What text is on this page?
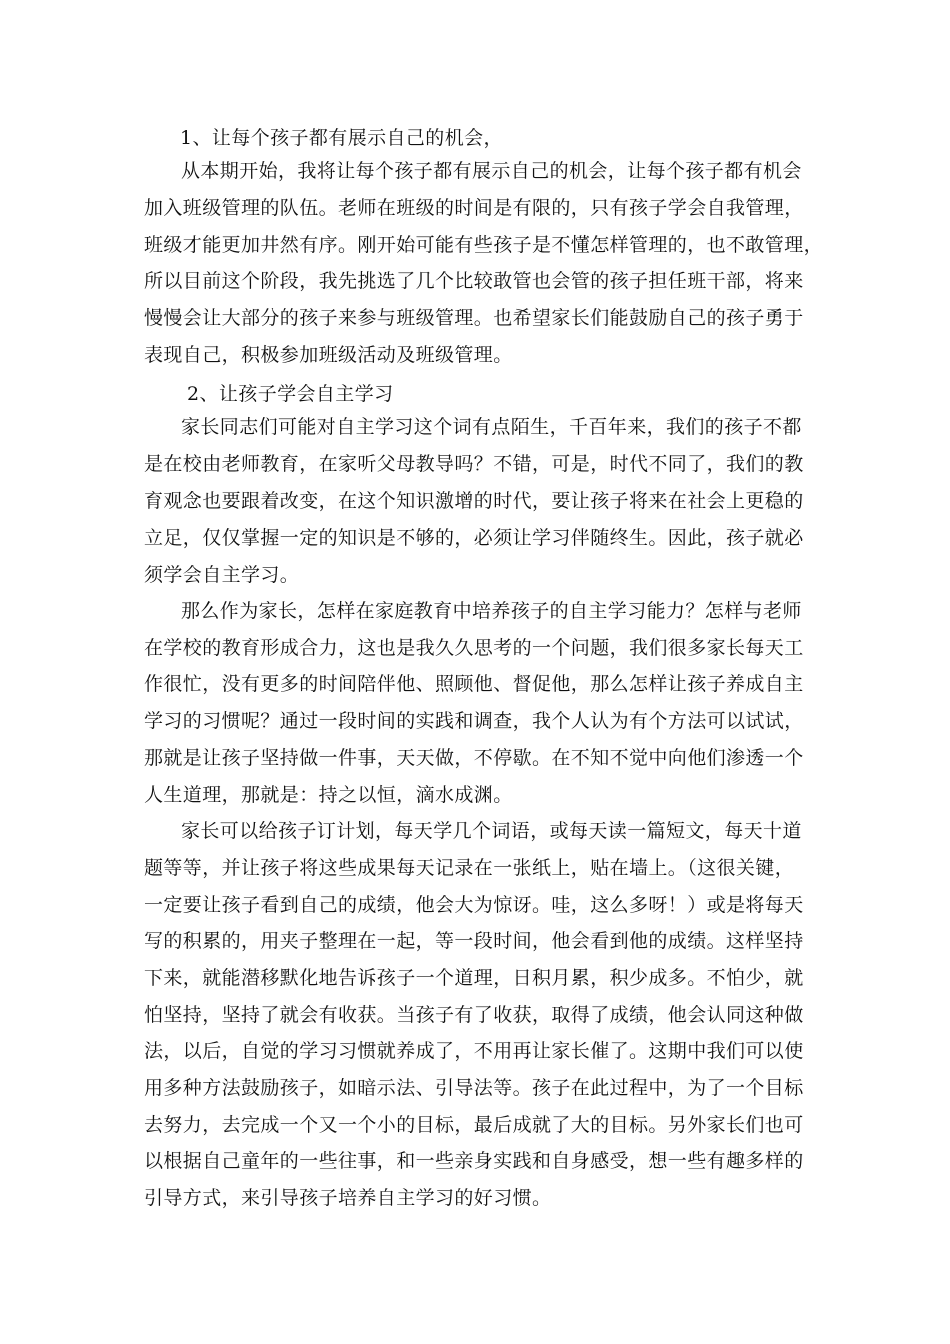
1、让每个孩子都有展示自己的机会，
从本期开始，我将让每个孩子都有展示自己的机会，让每个孩子都有机会
加入班级管理的队伍。老师在班级的时间是有限的，只有孩子学会自我管理，
班级才能更加井然有序。刚开始可能有些孩子是不懂怎样管理的，也不敢管理，
所以目前这个阶段，我先挑选了几个比较敢管也会管的孩子担任班干部，将来
慢慢会让大部分的孩子来参与班级管理。也希望家长们能鼓励自己的孩子勇于
表现自己，积极参加班级活动及班级管理。
2、让孩子学会自主学习
家长同志们可能对自主学习这个词有点陌生，千百年来，我们的孩子不都
是在校由老师教育，在家听父母教导吗？不错，可是，时代不同了，我们的教
育观念也要跟着改变，在这个知识激增的时代，要让孩子将来在社会上更稳的
立足，仅仅掌握一定的知识是不够的，必须让学习伴随终生。因此，孩子就必
须学会自主学习。
那么作为家长，怎样在家庭教育中培养孩子的自主学习能力？怎样与老师
在学校的教育形成合力，这也是我久久思考的一个问题，我们很多家长每天工
作很忙，没有更多的时间陪伴他、照顾他、督促他，那么怎样让孩子养成自主
学习的习惯呢？通过一段时间的实践和调查，我个人认为有个方法可以试试，
那就是让孩子坚持做一件事，天天做，不停歇。在不知不觉中向他们渗透一个
人生道理，那就是：持之以恒，滴水成渊。
家长可以给孩子订计划，每天学几个词语，或每天读一篇短文，每天十道
题等等，并让孩子将这些成果每天记录在一张纸上，贴在墙上。（这很关键，
一定要让孩子看到自己的成绩，他会大为惊讶。哇，这么多呀！）或是将每天
写的积累的，用夹子整理在一起，等一段时间，他会看到他的成绩。这样坚持
下来，就能潜移默化地告诉孩子一个道理，日积月累，积少成多。不怕少，就
怕坚持，坚持了就会有收获。当孩子有了收获，取得了成绩，他会认同这种做
法，以后，自觉的学习习惯就养成了，不用再让家长催了。这期中我们可以使
用多种方法鼓励孩子，如暗示法、引导法等。孩子在此过程中，为了一个目标
去努力，去完成一个又一个小的目标，最后成就了大的目标。另外家长们也可
以根据自己童年的一些往事，和一些亲身实践和自身感受，想一些有趣多样的
引导方式，来引导孩子培养自主学习的好习惯。
